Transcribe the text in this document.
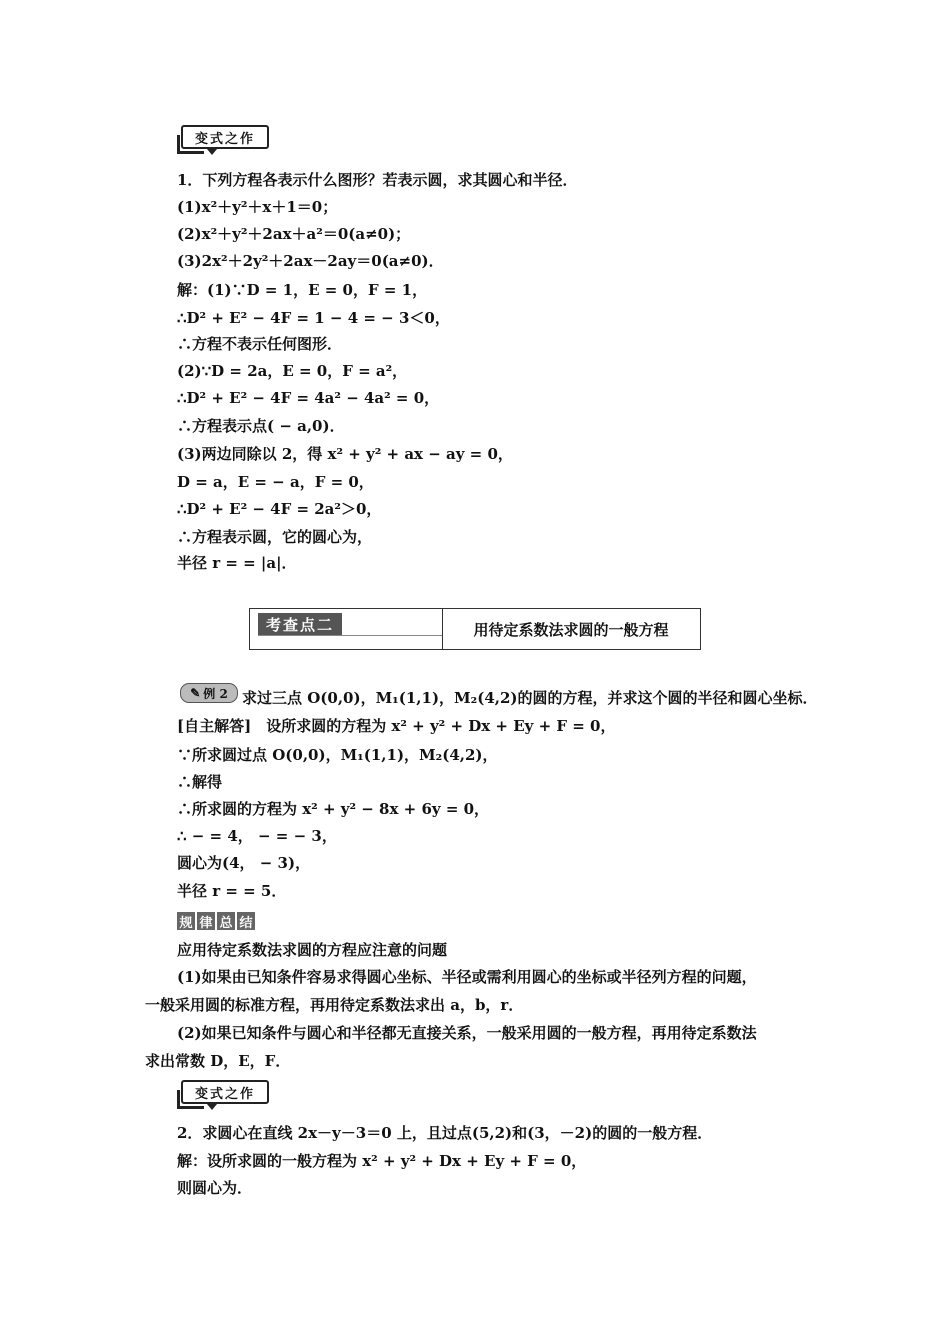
变式之作
1．下列方程各表示什么图形？若表示圆，求其圆心和半径．
(1)x²＋y²＋x＋1＝0；
(2)x²＋y²＋2ax＋a²＝0(a≠0)；
(3)2x²＋2y²＋2ax－2ay＝0(a≠0)．
解：(1)∵D = 1，E = 0，F = 1，
∴D² + E² − 4F = 1 − 4 = − 3＜0，
∴方程不表示任何图形．
(2)∵D = 2a，E = 0，F = a²，
∴D² + E² − 4F = 4a² − 4a² = 0，
∴方程表示点( − a,0)．
(3)两边同除以 2，得 x² + y² + ax − ay = 0，
D = a，E = − a，F = 0，
∴D² + E² − 4F = 2a²＞0，
∴方程表示圆，它的圆心为，
半径 r = = |a|．
考查点二	用待定系数法求圆的一般方程
✎ 例 2 求过三点 O(0,0)，M₁(1,1)，M₂(4,2)的圆的方程，并求这个圆的半径和圆心坐标．
[自主解答]　设所求圆的方程为 x² + y² + Dx + Ey + F = 0，
∵所求圆过点 O(0,0)，M₁(1,1)，M₂(4,2)，
∴解得
∴所求圆的方程为 x² + y² − 8x + 6y = 0，
∴ − = 4， − = − 3，
圆心为(4， − 3)，
半径 r = = 5．
规 律 总 结
应用待定系数法求圆的方程应注意的问题
(1)如果由已知条件容易求得圆心坐标、半径或需利用圆心的坐标或半径列方程的问题，
一般采用圆的标准方程，再用待定系数法求出 a，b，r．
(2)如果已知条件与圆心和半径都无直接关系，一般采用圆的一般方程，再用待定系数法
求出常数 D，E，F．
变式之作
2．求圆心在直线 2x－y－3＝0 上，且过点(5,2)和(3，－2)的圆的一般方程．
解：设所求圆的一般方程为 x² + y² + Dx + Ey + F = 0，
则圆心为．
